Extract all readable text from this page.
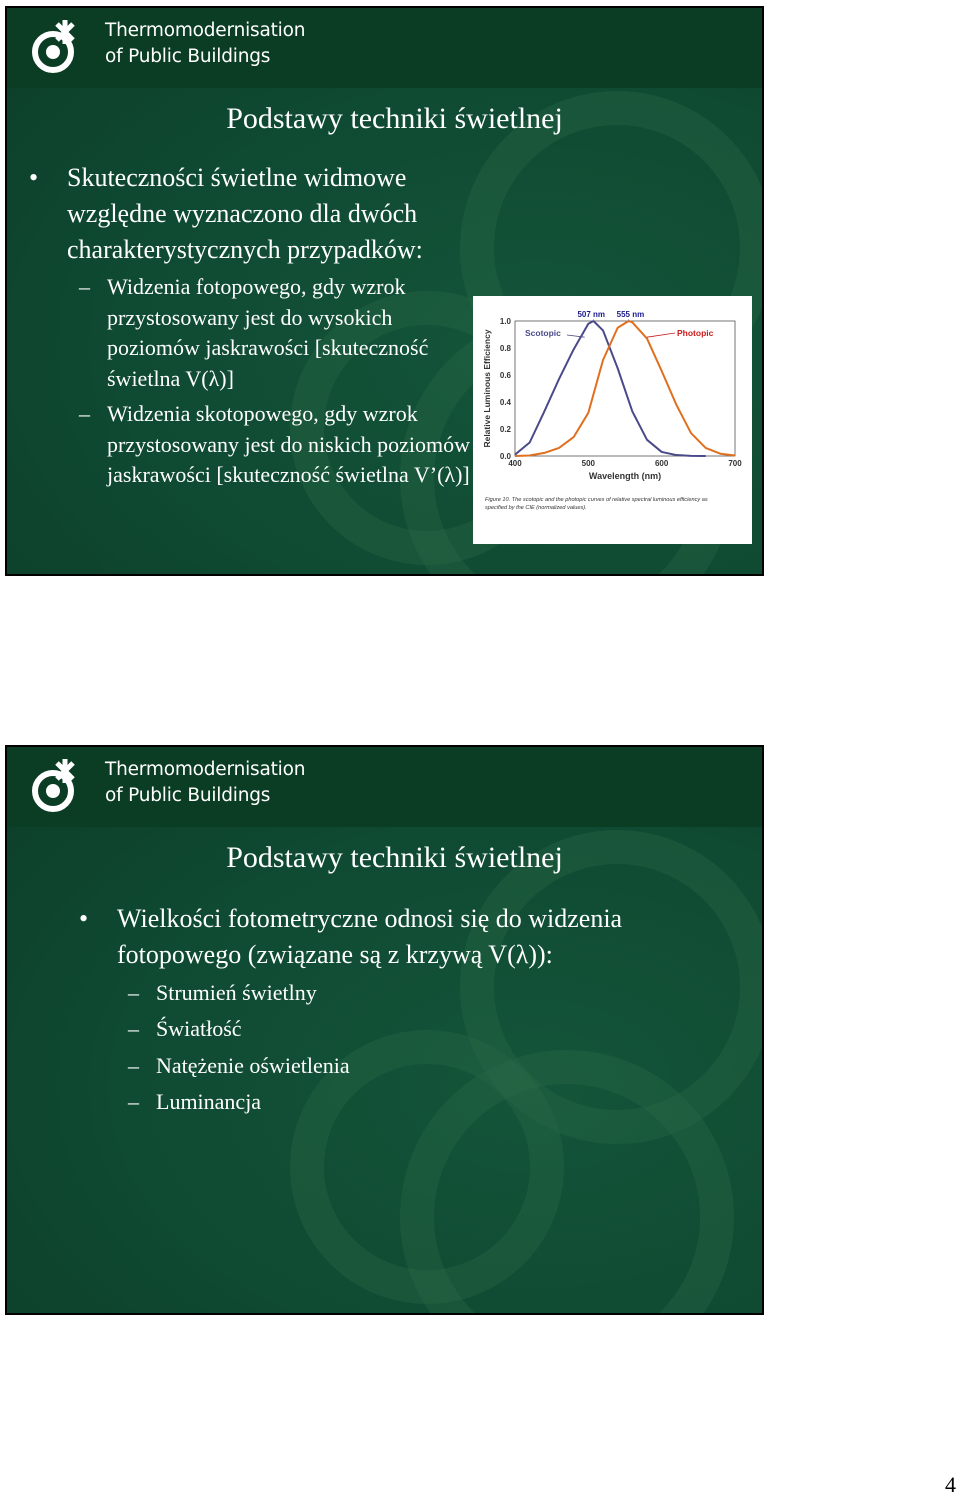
Thermomodernisation
of Public Buildings
Podstawy techniki świetlnej
• Skuteczności świetlne widmowe względne wyznaczono dla dwóch charakterystycznych przypadków:
– Widzenia fotopowego, gdy wzrok przystosowany jest do wysokich poziomów jaskrawości [skuteczność świetlna V(λ)]
– Widzenia skotopowego, gdy wzrok przystosowany jest do niskich poziomów jaskrawości [skuteczność świetlna V’(λ)]
0.0
0.2
0.4
0.6
0.8
1.0
400	500	600	700
Wavelength (nm)
Relative Luminous Efficiency
507 nm 555 nm
Scotopic	Photopic
Figure 10. The scotopic and the photopic curves of relative spectral luminous efficiency as specified by the CIE (normalized values).
Thermomodernisation
of Public Buildings
Podstawy techniki świetlnej
• Wielkości fotometryczne odnosi się do widzenia fotopowego (związane są z krzywą V(λ)):
– Strumień świetlny
– Światłość
– Natężenie oświetlenia
– Luminancja
4
